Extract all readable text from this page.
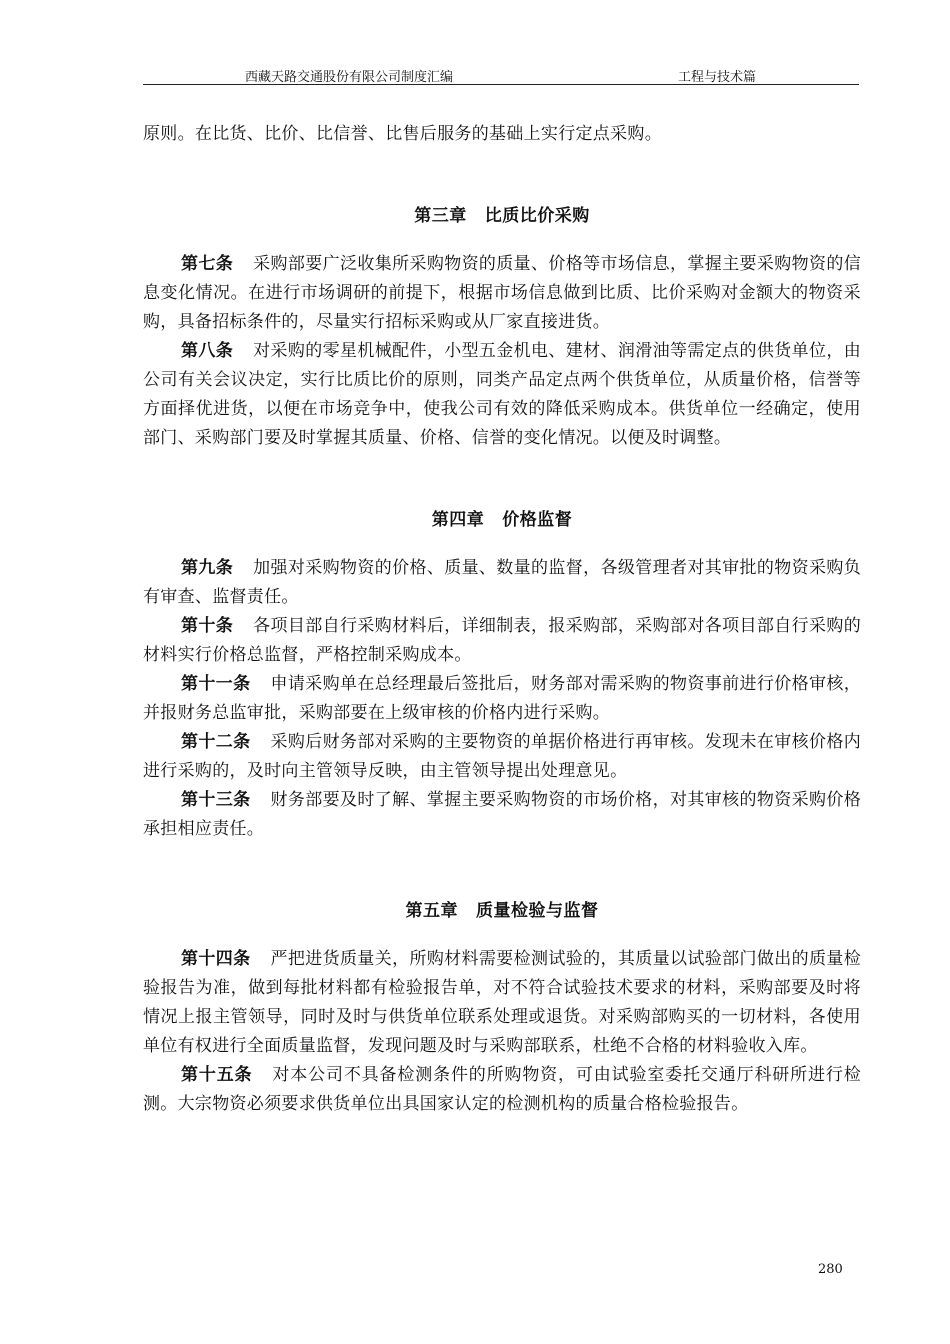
西藏天路交通股份有限公司制度汇编	工程与技术篇

原则。在比货、比价、比信誉、比售后服务的基础上实行定点采购。

第三章 比质比价采购

第七条 采购部要广泛收集所采购物资的质量、价格等市场信息，掌握主要采购物资的信息变化情况。在进行市场调研的前提下，根据市场信息做到比质、比价采购对金额大的物资采购，具备招标条件的，尽量实行招标采购或从厂家直接进货。

第八条 对采购的零星机械配件，小型五金机电、建材、润滑油等需定点的供货单位，由公司有关会议决定，实行比质比价的原则，同类产品定点两个供货单位，从质量价格，信誉等方面择优进货，以便在市场竞争中，使我公司有效的降低采购成本。供货单位一经确定，使用部门、采购部门要及时掌握其质量、价格、信誉的变化情况。以便及时调整。

第四章 价格监督

第九条 加强对采购物资的价格、质量、数量的监督，各级管理者对其审批的物资采购负有审查、监督责任。

第十条 各项目部自行采购材料后，详细制表，报采购部，采购部对各项目部自行采购的材料实行价格总监督，严格控制采购成本。

第十一条 申请采购单在总经理最后签批后，财务部对需采购的物资事前进行价格审核，并报财务总监审批，采购部要在上级审核的价格内进行采购。

第十二条 采购后财务部对采购的主要物资的单据价格进行再审核。发现未在审核价格内进行采购的，及时向主管领导反映，由主管领导提出处理意见。

第十三条 财务部要及时了解、掌握主要采购物资的市场价格，对其审核的物资采购价格承担相应责任。

第五章 质量检验与监督

第十四条 严把进货质量关，所购材料需要检测试验的，其质量以试验部门做出的质量检验报告为准，做到每批材料都有检验报告单，对不符合试验技术要求的材料，采购部要及时将情况上报主管领导，同时及时与供货单位联系处理或退货。对采购部购买的一切材料，各使用单位有权进行全面质量监督，发现问题及时与采购部联系，杜绝不合格的材料验收入库。

第十五条 对本公司不具备检测条件的所购物资，可由试验室委托交通厅科研所进行检测。大宗物资必须要求供货单位出具国家认定的检测机构的质量合格检验报告。

280
